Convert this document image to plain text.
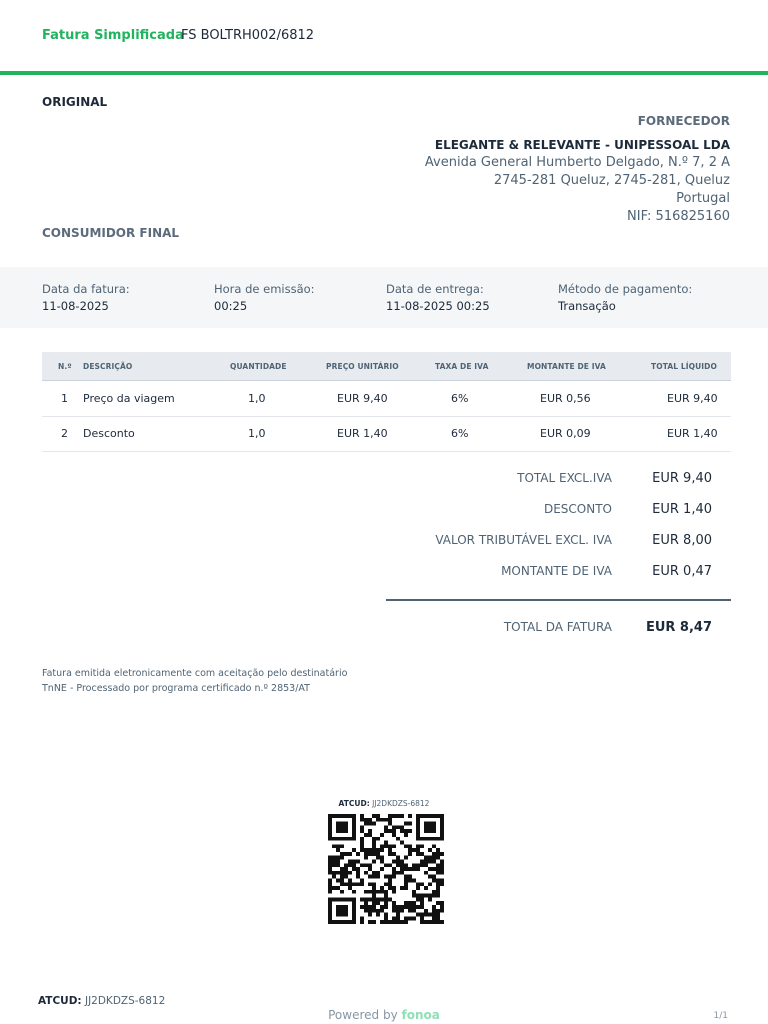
Fatura Simplificada
FS BOLTRH002/6812
ORIGINAL
FORNECEDOR
ELEGANTE & RELEVANTE - UNIPESSOAL LDA
Avenida General Humberto Delgado, N.º 7, 2 A
2745-281 Queluz, 2745-281, Queluz
Portugal
NIF: 516825160
CONSUMIDOR FINAL
Data da fatura:
11-08-2025
Hora de emissão:
00:25
Data de entrega:
11-08-2025 00:25
Método de pagamento:
Transação
N.º DESCRIÇÃO	QUANTIDADE	PREÇO UNITÁRIO	TAXA DE IVA	MONTANTE DE IVA	TOTAL LÍQUIDO
1 Preço da viagem	1,0	EUR 9,40	6%	EUR 0,56	EUR 9,40
2 Desconto	1,0	EUR 1,40	6%	EUR 0,09	EUR 1,40
TOTAL EXCL.IVA	EUR 9,40
DESCONTO	EUR 1,40
VALOR TRIBUTÁVEL EXCL. IVA	EUR 8,00
MONTANTE DE IVA	EUR 0,47
TOTAL DA FATURA	EUR 8,47
Fatura emitida eletronicamente com aceitação pelo destinatário
TnNE - Processado por programa certificado n.º 2853/AT
ATCUD: JJ2DKDZS-6812
ATCUD: JJ2DKDZS-6812
Powered by fonoa	1/1
